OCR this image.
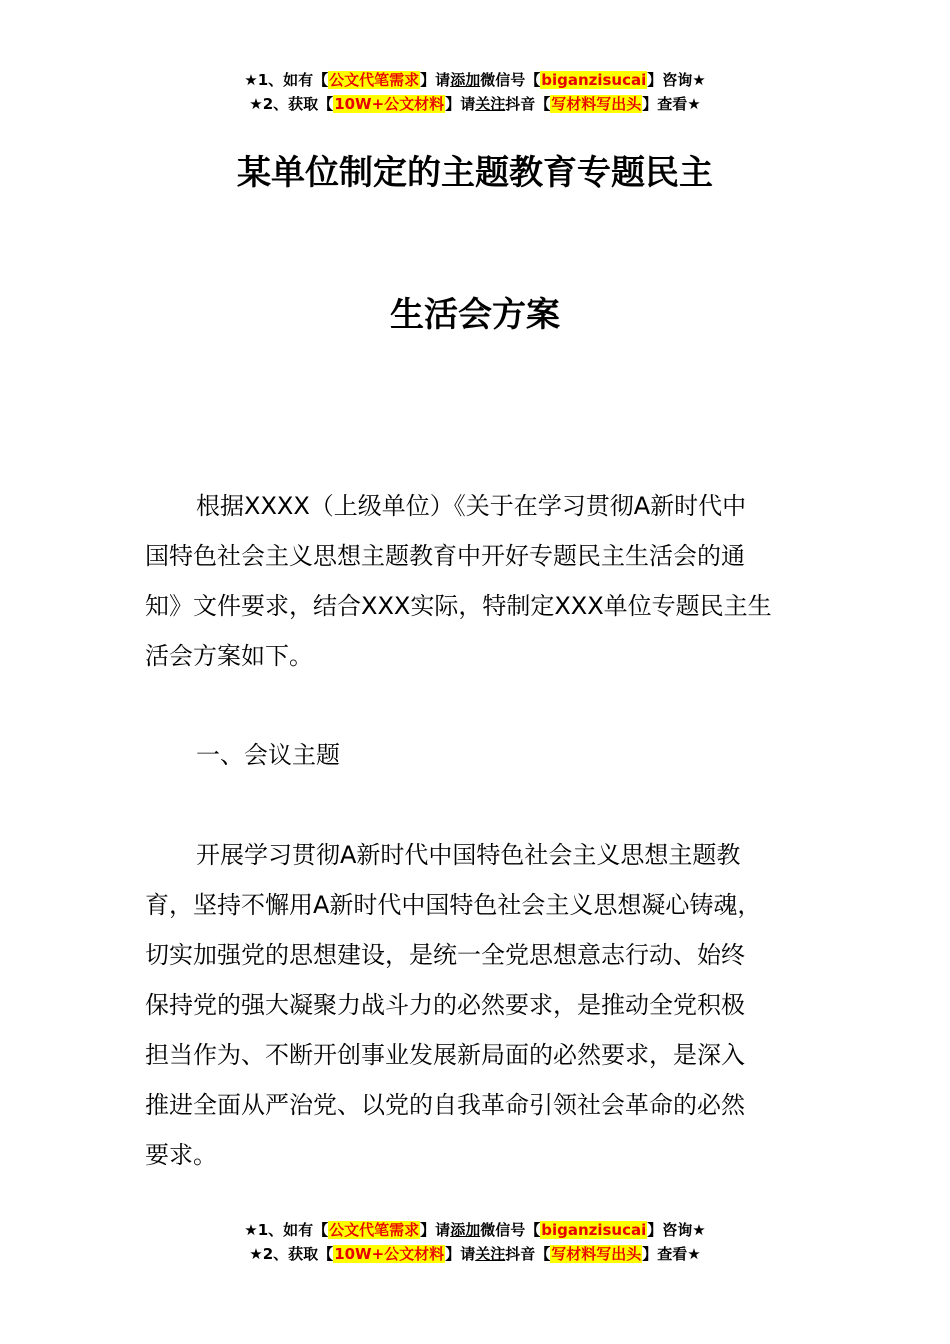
★1、如有【公文代笔需求】请添加微信号【biganzisucai】咨询★
★2、获取【10W+公文材料】请关注抖音【写材料写出头】查看★
某单位制定的主题教育专题民主
生活会方案
根据XXXX（上级单位）《关于在学习贯彻A新时代中
国特色社会主义思想主题教育中开好专题民主生活会的通
知》文件要求，结合XXX实际，特制定XXX单位专题民主生
活会方案如下。
一、会议主题
开展学习贯彻A新时代中国特色社会主义思想主题教
育，坚持不懈用A新时代中国特色社会主义思想凝心铸魂，
切实加强党的思想建设，是统一全党思想意志行动、始终
保持党的强大凝聚力战斗力的必然要求，是推动全党积极
担当作为、不断开创事业发展新局面的必然要求，是深入
推进全面从严治党、以党的自我革命引领社会革命的必然
要求。
★1、如有【公文代笔需求】请添加微信号【biganzisucai】咨询★
★2、获取【10W+公文材料】请关注抖音【写材料写出头】查看★
